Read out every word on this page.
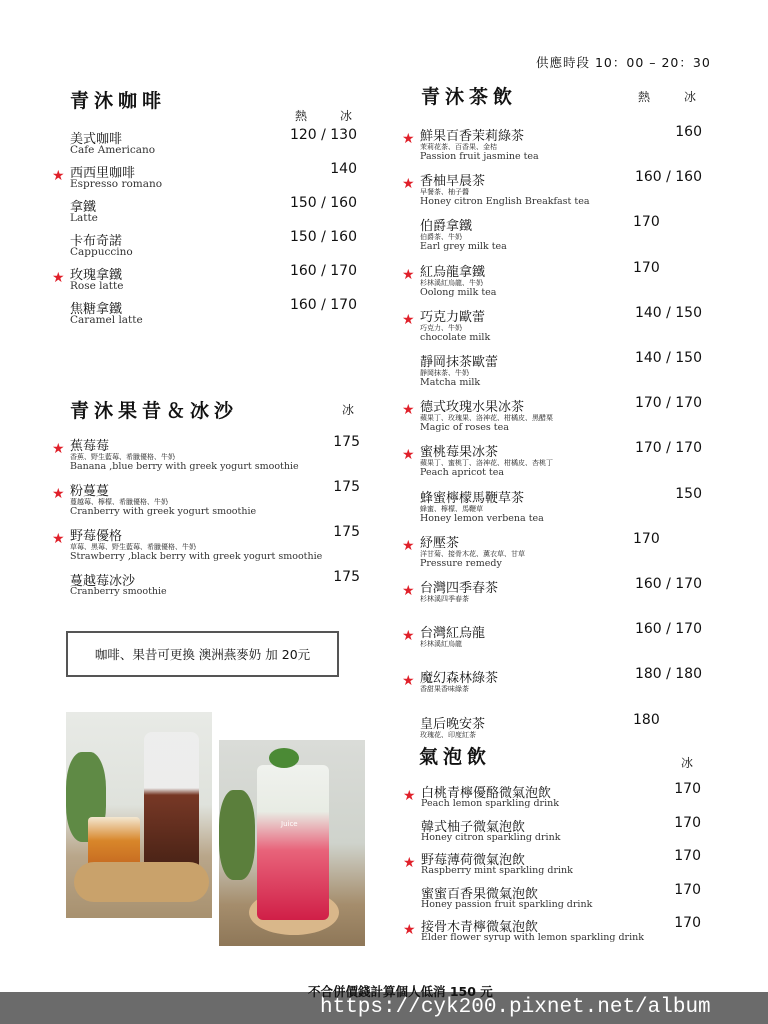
供應時段 10：00 – 20：30
青沐咖啡
熱	冰
美式咖啡
Cafe Americano
120 / 130
★ 西西里咖啡
Espresso romano
140
拿鐵
Latte
150 / 160
卡布奇諾
Cappuccino
150 / 160
★ 玫瑰拿鐵
Rose latte
160 / 170
焦糖拿鐵
Caramel latte
160 / 170
青沐果昔＆冰沙	冰
★ 蕉莓莓
香蕉、野生藍莓、希臘優格、牛奶
Banana ,blue berry with greek yogurt smoothie
175
★ 粉蔓蔓
蔓越莓、檸檬、希臘優格、牛奶
Cranberry with greek yogurt smoothie
175
★ 野莓優格
草莓、黑莓、野生藍莓、希臘優格、牛奶
Strawberry ,black berry with greek yogurt smoothie
175
蔓越莓冰沙
Cranberry smoothie
175
咖啡、果昔可更換 澳洲燕麥奶 加 20元
Juice
青沐茶飲	熱	冰
★ 鮮果百香茉莉綠茶
茉莉花茶、百香果、金桔
Passion fruit jasmine tea
160
★ 香柚早晨茶
早餐茶、柚子醬
Honey citron English Breakfast tea
160 / 160
伯爵拿鐵
伯爵茶、牛奶
Earl grey milk tea
170
★ 紅烏龍拿鐵
杉林溪紅烏龍、牛奶
Oolong milk tea
170
★ 巧克力歐蕾
巧克力、牛奶
chocolate milk
140 / 150
靜岡抹茶歐蕾
靜岡抹茶、牛奶
Matcha milk
140 / 150
★ 德式玫瑰水果冰茶
蘋果丁、玫瑰果、洛神花、柑橘皮、黑醋栗
Magic of roses tea
170 / 170
★ 蜜桃莓果冰茶
蘋果丁、蜜桃丁、洛神花、柑橘皮、杏桃丁
Peach apricot tea
170 / 170
蜂蜜檸檬馬鞭草茶
蜂蜜、檸檬、馬鞭草
Honey lemon verbena tea
150
★ 紓壓茶
洋甘菊、接骨木花、薰衣草、甘草
Pressure remedy
170
★ 台灣四季春茶
杉林溪四季春茶
160 / 170
★ 台灣紅烏龍
杉林溪紅烏龍
160 / 170
★ 魔幻森林綠茶
香甜果香味綠茶
180 / 180
皇后晚安茶
玫瑰花、印度紅茶
180
氣泡飲	冰
★ 白桃青檸優酪微氣泡飲
Peach lemon sparkling drink
170
韓式柚子微氣泡飲
Honey citron sparkling drink
170
★ 野莓薄荷微氣泡飲
Raspberry mint sparkling drink
170
蜜蜜百香果微氣泡飲
Honey passion fruit sparkling drink
170
★ 接骨木青檸微氣泡飲
Elder flower syrup with lemon sparkling drink
170
不合併價錢計算個人低消 150 元
https://cyk200.pixnet.net/album
